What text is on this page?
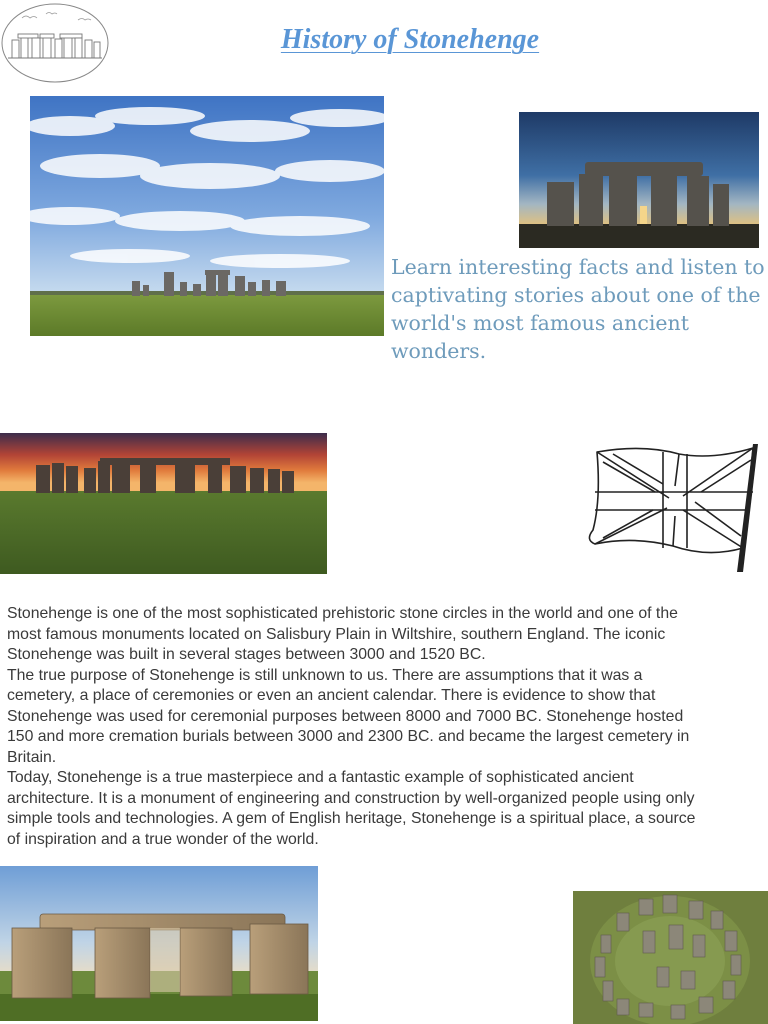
History of Stonehenge
Learn interesting facts and listen to captivating stories about one of the world's most famous ancient wonders.

Stonehenge is one of the most sophisticated prehistoric stone circles in the world and one of the most famous monuments located on Salisbury Plain in Wiltshire, southern England. The iconic Stonehenge was built in several stages between 3000 and 1520 BC.

The true purpose of Stonehenge is still unknown to us. There are assumptions that it was a cemetery, a place of ceremonies or even an ancient calendar. There is evidence to show that Stonehenge was used for ceremonial purposes between 8000 and 7000 BC. Stonehenge hosted 150 and more cremation burials between 3000 and 2300 BC. and became the largest cemetery in Britain.

Today, Stonehenge is a true masterpiece and a fantastic example of sophisticated ancient architecture. It is a monument of engineering and construction by well-organized people using only simple tools and technologies. A gem of English heritage, Stonehenge is a spiritual place, a source of inspiration and a true wonder of the world.
